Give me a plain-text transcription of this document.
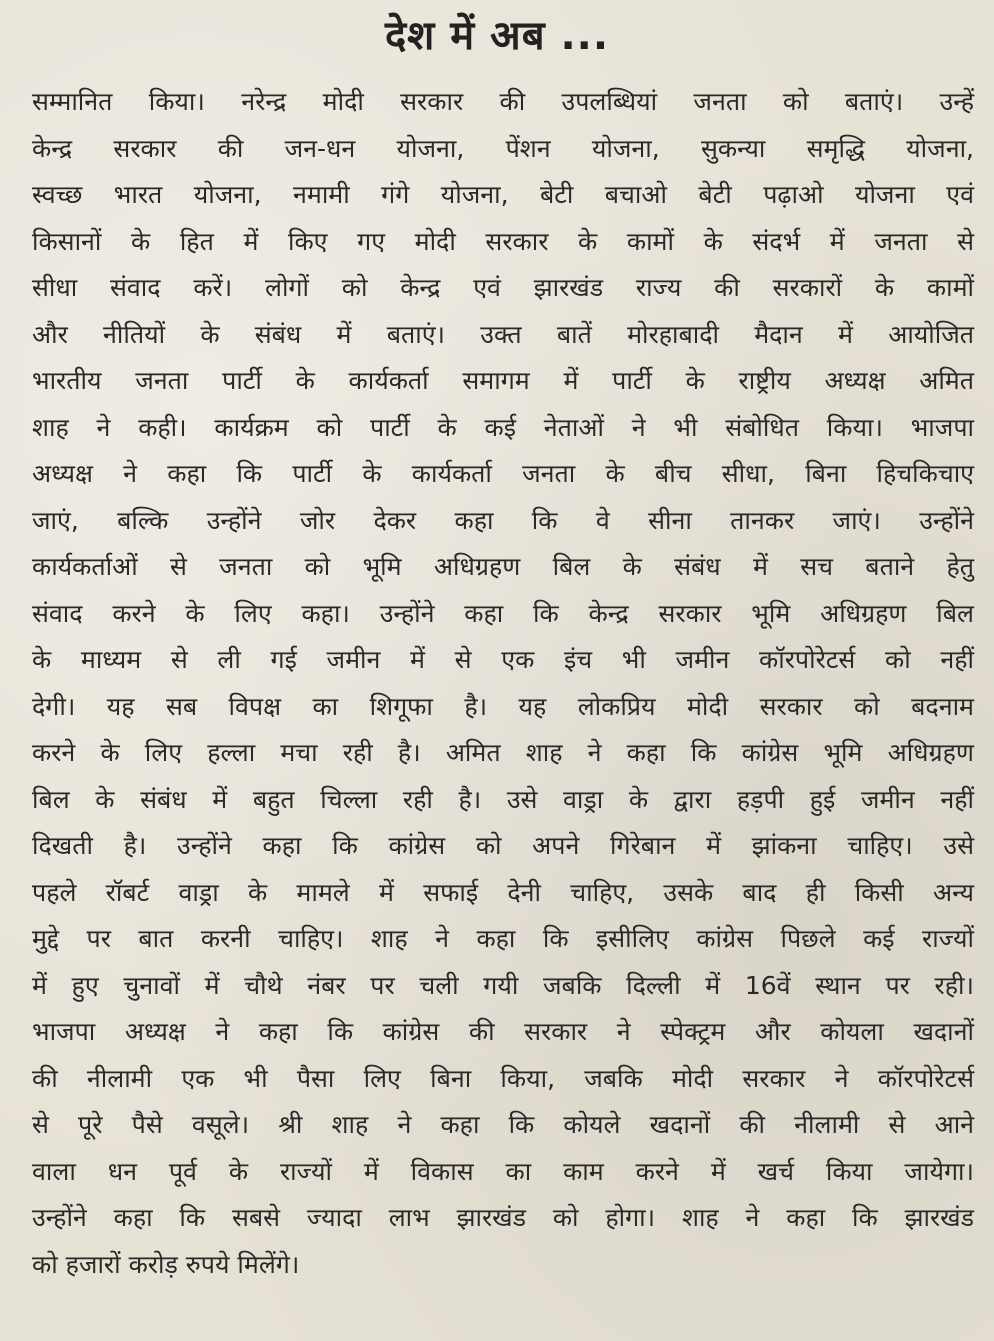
देश में अब ...
सम्मानित किया। नरेन्द्र मोदी सरकार की उपलब्धियां जनता को बताएं। उन्हें
केन्द्र सरकार की जन-धन योजना, पेंशन योजना, सुकन्या समृद्धि योजना,
स्वच्छ भारत योजना, नमामी गंगे योजना, बेटी बचाओ बेटी पढ़ाओ योजना एवं
किसानों के हित में किए गए मोदी सरकार के कामों के संदर्भ में जनता से
सीधा संवाद करें। लोगों को केन्द्र एवं झारखंड राज्य की सरकारों के कामों
और नीतियों के संबंध में बताएं। उक्त बातें मोरहाबादी मैदान में आयोजित
भारतीय जनता पार्टी के कार्यकर्ता समागम में पार्टी के राष्ट्रीय अध्यक्ष अमित
शाह ने कही। कार्यक्रम को पार्टी के कई नेताओं ने भी संबोधित किया। भाजपा
अध्यक्ष ने कहा कि पार्टी के कार्यकर्ता जनता के बीच सीधा, बिना हिचकिचाए
जाएं, बल्कि उन्होंने जोर देकर कहा कि वे सीना तानकर जाएं। उन्होंने
कार्यकर्ताओं से जनता को भूमि अधिग्रहण बिल के संबंध में सच बताने हेतु
संवाद करने के लिए कहा। उन्होंने कहा कि केन्द्र सरकार भूमि अधिग्रहण बिल
के माध्यम से ली गई जमीन में से एक इंच भी जमीन कॉरपोरेटर्स को नहीं
देगी। यह सब विपक्ष का शिगूफा है। यह लोकप्रिय मोदी सरकार को बदनाम
करने के लिए हल्ला मचा रही है। अमित शाह ने कहा कि कांग्रेस भूमि अधिग्रहण
बिल के संबंध में बहुत चिल्ला रही है। उसे वाड्रा के द्वारा हड़पी हुई जमीन नहीं
दिखती है। उन्होंने कहा कि कांग्रेस को अपने गिरेबान में झांकना चाहिए। उसे
पहले रॉबर्ट वाड्रा के मामले में सफाई देनी चाहिए, उसके बाद ही किसी अन्य
मुद्दे पर बात करनी चाहिए। शाह ने कहा कि इसीलिए कांग्रेस पिछले कई राज्यों
में हुए चुनावों में चौथे नंबर पर चली गयी जबकि दिल्ली में 16वें स्थान पर रही।
भाजपा अध्यक्ष ने कहा कि कांग्रेस की सरकार ने स्पेक्ट्रम और कोयला खदानों
की नीलामी एक भी पैसा लिए बिना किया, जबकि मोदी सरकार ने कॉरपोरेटर्स
से पूरे पैसे वसूले। श्री शाह ने कहा कि कोयले खदानों की नीलामी से आने
वाला धन पूर्व के राज्यों में विकास का काम करने में खर्च किया जायेगा।
उन्होंने कहा कि सबसे ज्यादा लाभ झारखंड को होगा। शाह ने कहा कि झारखंड
को हजारों करोड़ रुपये मिलेंगे।
